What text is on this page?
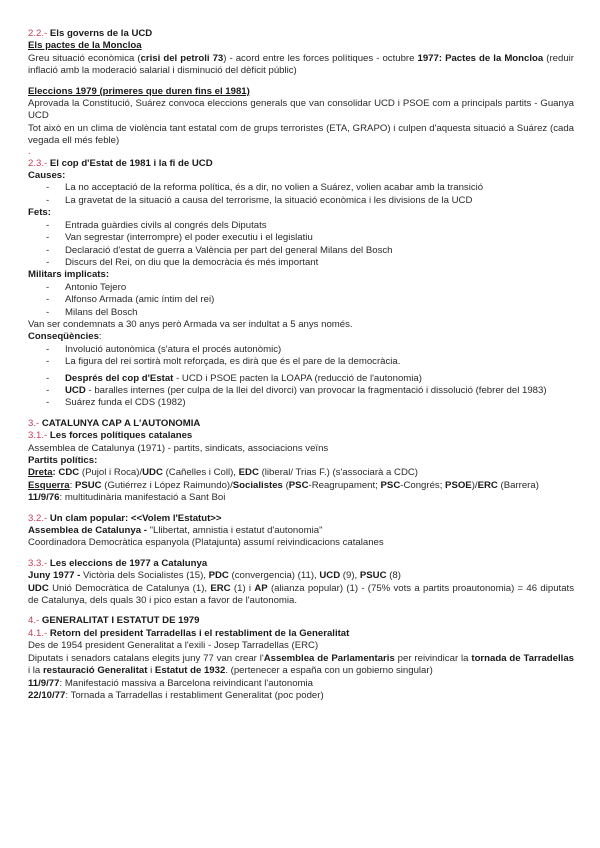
2.2.- Els governs de la UCD
Els pactes de la Moncloa
Greu situació econòmica (crisi del petroli 73) - acord entre les forces polítiques - octubre 1977: Pactes de la Moncloa (reduir inflació amb la moderació salarial i disminució del dèficit públic)
Eleccions 1979 (primeres que duren fins el 1981)
Aprovada la Constitució, Suárez convoca eleccions generals que van consolidar UCD i PSOE com a principals partits - Guanya UCD
Tot això en un clima de violència tant estatal com de grups terroristes (ETA, GRAPO) i culpen d'aquesta situació a Suárez (cada vegada ell més feble)
.
2.3.- El cop d'Estat de 1981 i la fi de UCD
Causes:
- La no acceptació de la reforma política, és a dir, no volien a Suárez, volien acabar amb la transició
- La gravetat de la situació a causa del terrorisme, la situació econòmica i les divisions de la UCD
Fets:
- Entrada guàrdies civils al congrés dels Diputats
- Van segrestar (interrompre) el poder executiu i el legislatiu
- Declaració d'estat de guerra a València per part del general Milans del Bosch
- Discurs del Rei, on diu que la democràcia és més important
Militars implicats:
- Antonio Tejero
- Alfonso Armada (amic íntim del rei)
- Milans del Bosch
Van ser condemnats a 30 anys però Armada va ser indultat a 5 anys només.
Conseqüències:
- Involució autonòmica (s'atura el procés autonòmic)
- La figura del rei sortirà molt reforçada, es dirà que és el pare de la democràcia.
- Després del cop d'Estat - UCD i PSOE pacten la LOAPA (reducció de l'autonomia)
- UCD - baralles internes (per culpa de la llei del divorci) van provocar la fragmentació i dissolució (febrer del 1983)
- Suárez funda el CDS (1982)
3.- CATALUNYA CAP A L'AUTONOMIA
3.1.- Les forces polítiques catalanes
Assemblea de Catalunya (1971) - partits, sindicats, associacions veïns
Partits polítics:
Dreta: CDC (Pujol i Roca)/UDC (Cañelles i Coll), EDC (liberal/ Trias F.) (s'associarà a CDC)
Esquerra: PSUC (Gutiérrez i López Raimundo)/Socialistes (PSC-Reagrupament; PSC-Congrés; PSOE)/ERC (Barrera)
11/9/76: multitudinària manifestació a Sant Boi
3.2.- Un clam popular: <<Volem l'Estatut>>
Assemblea de Catalunya - "Llibertat, amnistia i estatut d'autonomia"
Coordinadora Democràtica espanyola (Platajunta) assumí reivindicacions catalanes
3.3.- Les eleccions de 1977 a Catalunya
Juny 1977 - Victòria dels Socialistes (15), PDC (convergencia) (11), UCD (9), PSUC (8)
UDC Unió Democràtica de Catalunya (1), ERC (1) i AP (alianza popular) (1) - (75% vots a partits proautonomia) = 46 diputats de Catalunya, dels quals 30 i pico estan a favor de l'autonomia.
4.- GENERALITAT I ESTATUT DE 1979
4.1.- Retorn del president Tarradellas i el restabliment de la Generalitat
Des de 1954 president Generalitat a l'exili - Josep Tarradellas (ERC)
Diputats i senadors catalans elegits juny 77 van crear l'Assemblea de Parlamentaris per reivindicar la tornada de Tarradellas i la restauració Generalitat i Estatut de 1932. (pertenecer a españa con un gobierno singular)
11/9/77: Manifestació massiva a Barcelona reivindicant l'autonomia
22/10/77: Tornada a Tarradellas i restabliment Generalitat (poc poder)
